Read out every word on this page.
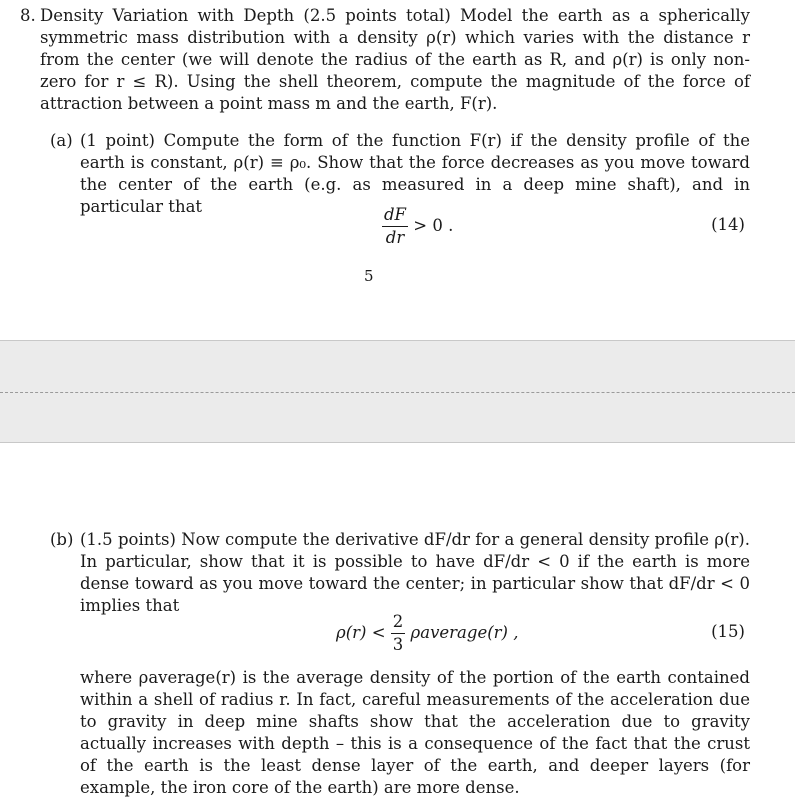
8. Density Variation with Depth (2.5 points total) Model the earth as a spherically symmetric mass distribution with a density ρ(r) which varies with the distance r from the center (we will denote the radius of the earth as R, and ρ(r) is only non-zero for r ≤ R). Using the shell theorem, compute the magnitude of the force of attraction between a point mass m and the earth, F(r).
(a) (1 point) Compute the form of the function F(r) if the density profile of the earth is constant, ρ(r) ≡ ρ₀. Show that the force decreases as you move toward the center of the earth (e.g. as measured in a deep mine shaft), and in particular that	$\frac{dF}{dr} > 0$ .	(14)
5
(b) (1.5 points) Now compute the derivative dF/dr for a general density profile ρ(r). In particular, show that it is possible to have dF/dr < 0 if the earth is more dense toward as you move toward the center; in particular show that dF/dr < 0 implies that
$\rho(r) < \frac{2}{3}$ ρaverage(r) ,	(15)
where ρaverage(r) is the average density of the portion of the earth contained within a shell of radius r. In fact, careful measurements of the acceleration due to gravity in deep mine shafts show that the acceleration due to gravity actually increases with depth – this is a consequence of the fact that the crust of the earth is the least dense layer of the earth, and deeper layers (for example, the iron core of the earth) are more dense.
